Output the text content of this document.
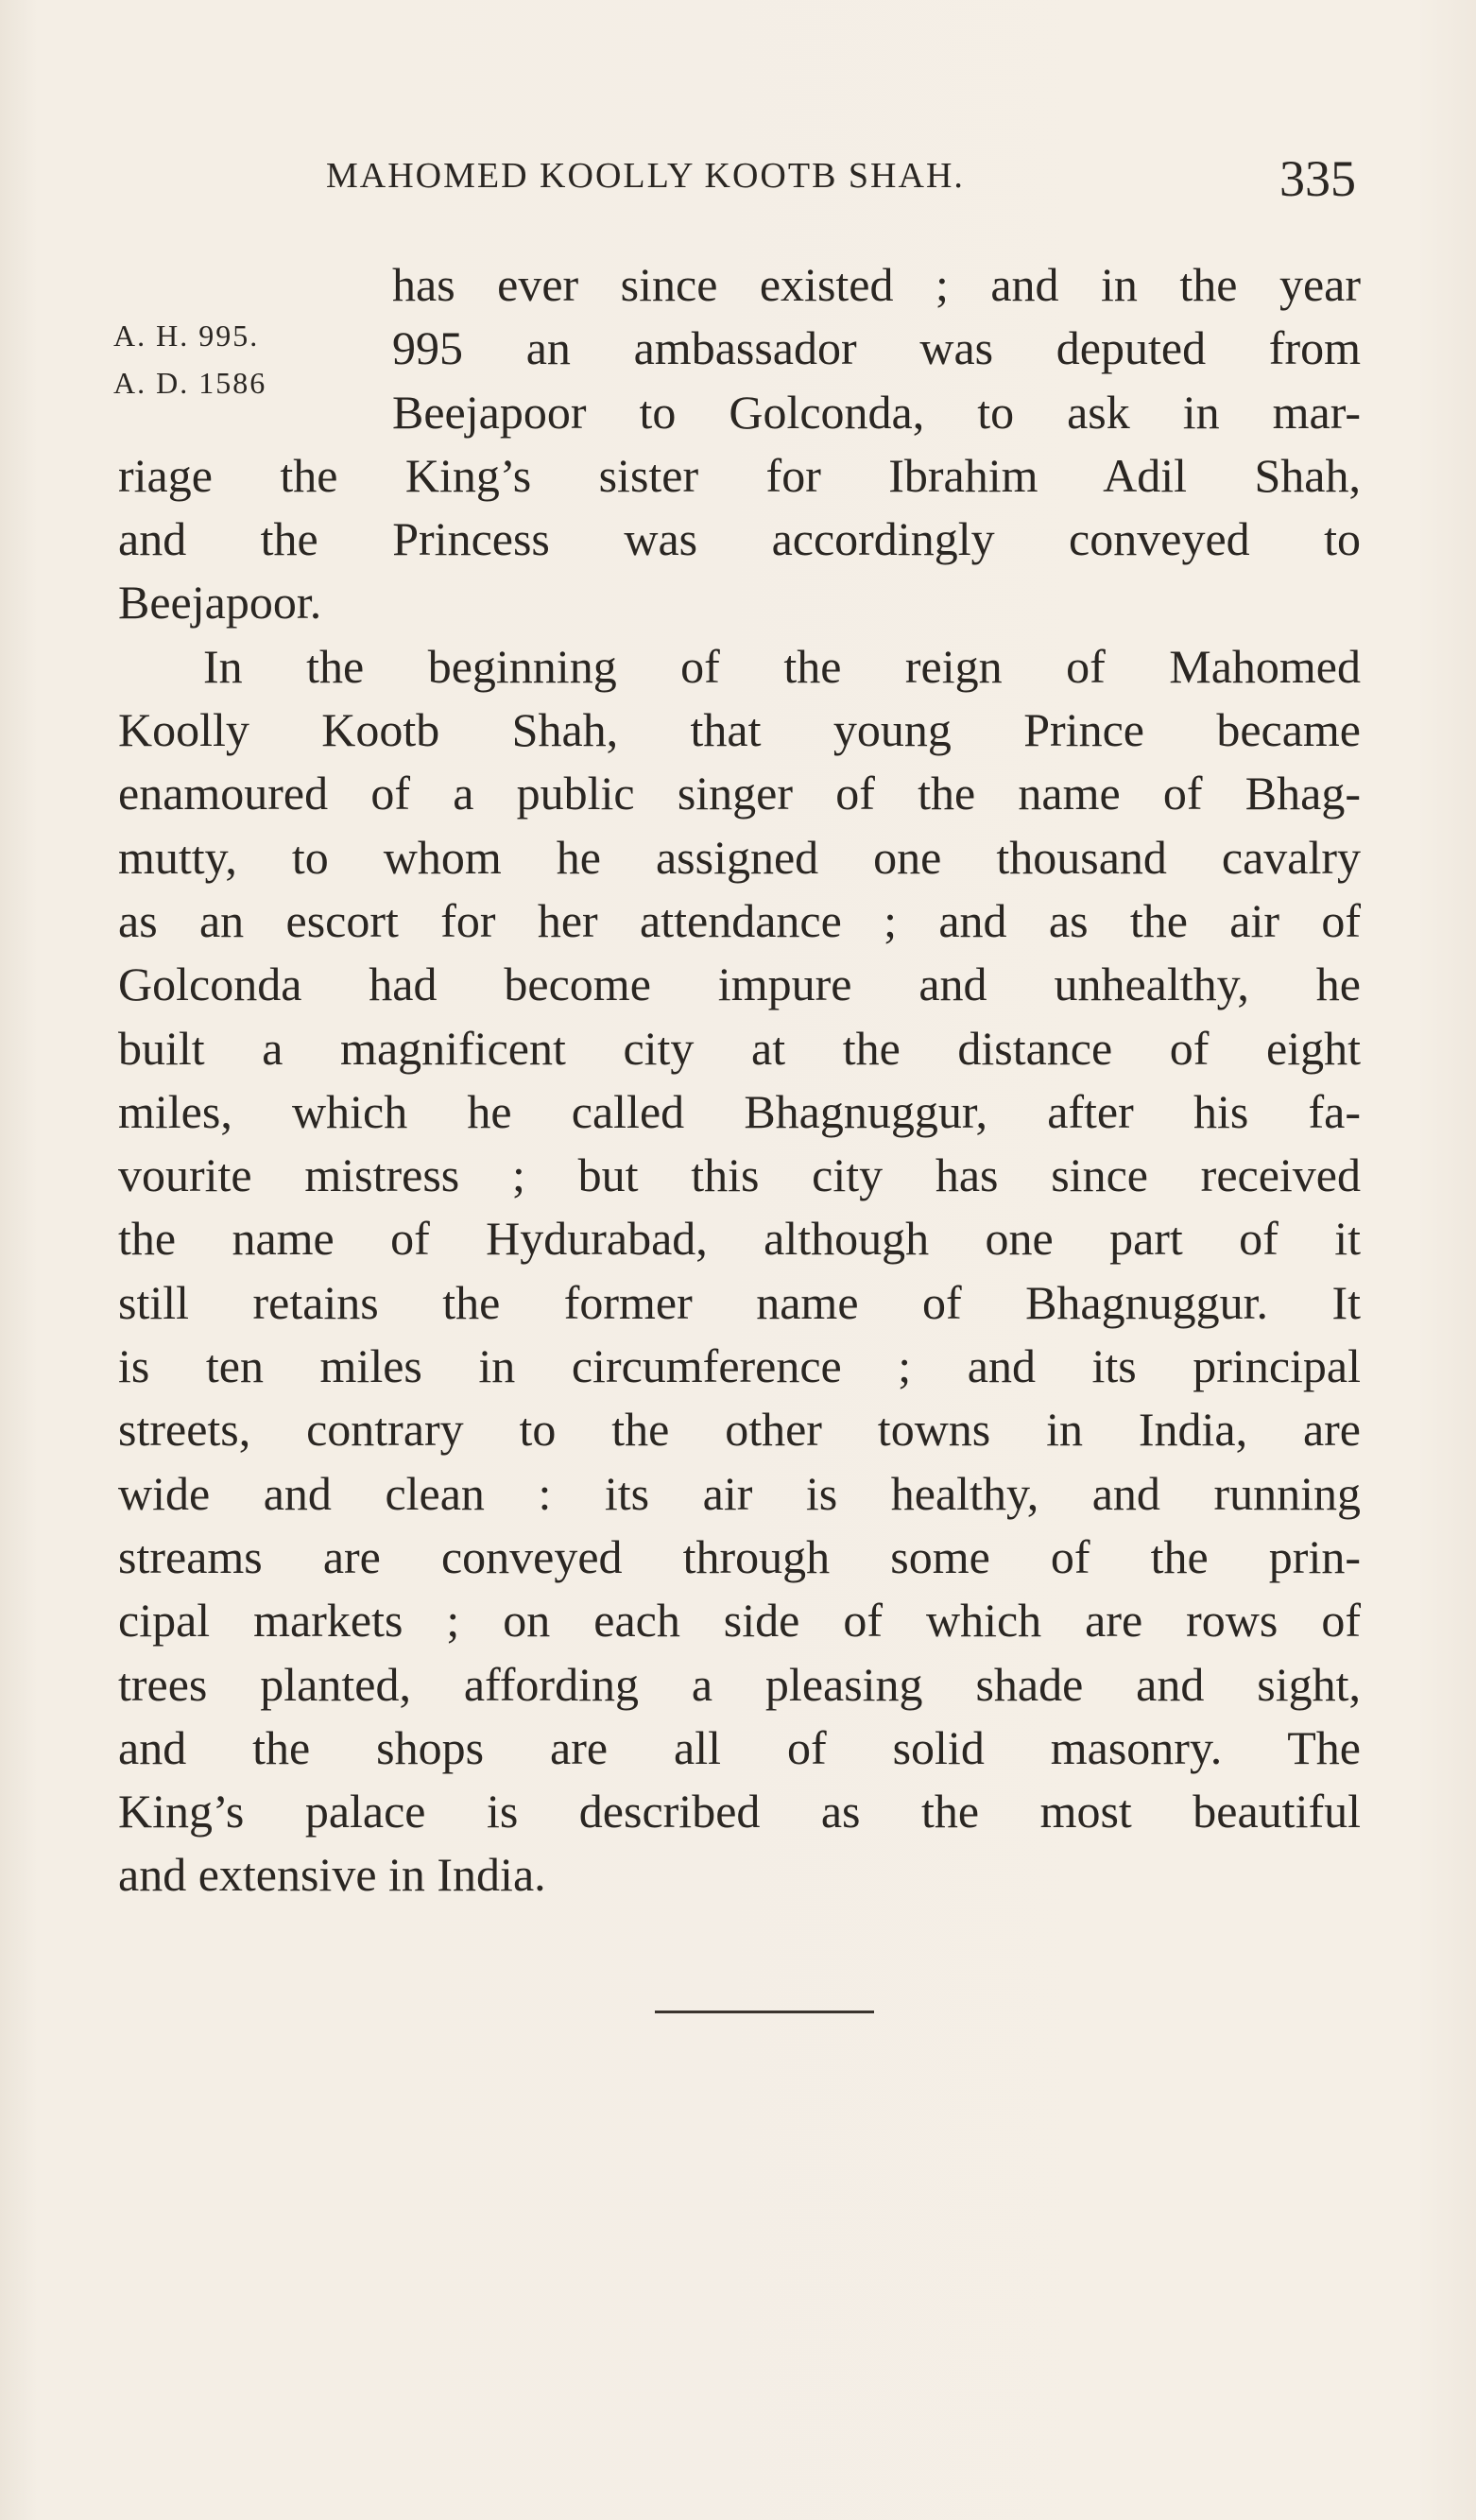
MAHOMED KOOLLY KOOTB SHAH.	335
A. H. 995.
A. D. 1586
has ever since existed ; and in the year
995 an ambassador was deputed from
Beejapoor to Golconda, to ask in mar-
riage the King’s sister for Ibrahim Adil Shah,
and the Princess was accordingly conveyed to
Beejapoor.
In the beginning of the reign of Mahomed
Koolly Kootb Shah, that young Prince became
enamoured of a public singer of the name of Bhag-
mutty, to whom he assigned one thousand cavalry
as an escort for her attendance ; and as the air of
Golconda had become impure and unhealthy, he
built a magnificent city at the distance of eight
miles, which he called Bhagnuggur, after his fa-
vourite mistress ; but this city has since received
the name of Hydurabad, although one part of it
still retains the former name of Bhagnuggur. It
is ten miles in circumference ; and its principal
streets, contrary to the other towns in India, are
wide and clean : its air is healthy, and running
streams are conveyed through some of the prin-
cipal markets ; on each side of which are rows of
trees planted, affording a pleasing shade and sight,
and the shops are all of solid masonry. The
King’s palace is described as the most beautiful
and extensive in India.
